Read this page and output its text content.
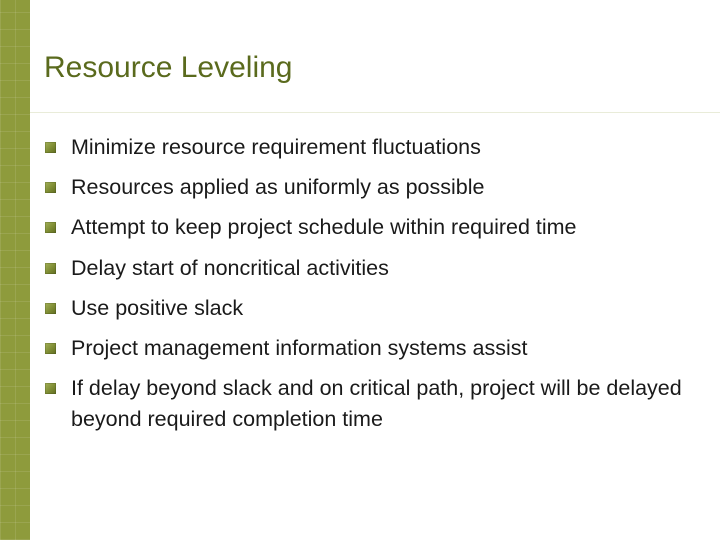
Resource Leveling
Minimize resource requirement fluctuations
Resources applied as uniformly as possible
Attempt to keep project schedule within required time
Delay start of noncritical activities
Use positive slack
Project management information systems assist
If delay beyond slack and on critical path, project will be delayed beyond required completion time
